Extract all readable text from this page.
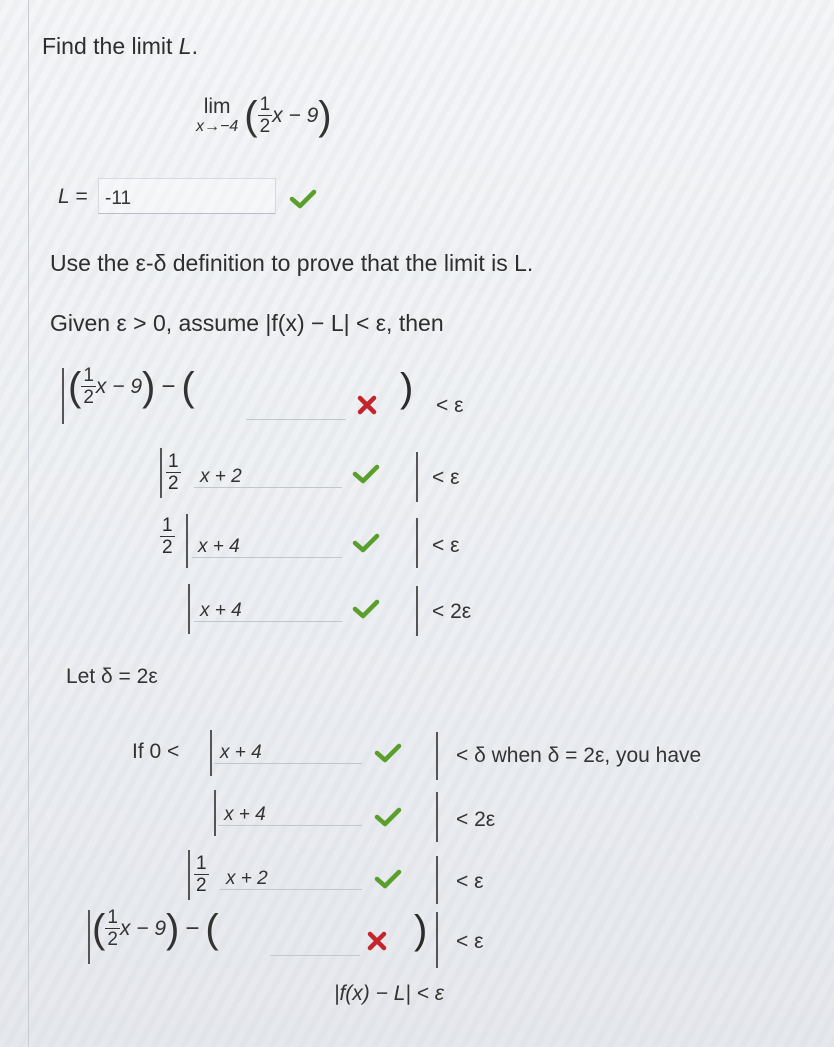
Find the limit L.
lim
x→−4 ( $\frac{1}{2}$ x − 9 )
L = -11
Use the ε-δ definition to prove that the limit is L.
Given ε > 0, assume |f(x) − L| < ε, then
( $\frac{1}{2}$ x − 9 ) − (	) < ε
$\frac{1}{2}$	x + 2	< ε
$\frac{1}{2}$	x + 4	< ε
x + 4	< 2ε
Let δ = 2ε
If 0 <	x + 4	< δ when δ = 2ε, you have
x + 4	< 2ε
$\frac{1}{2}$ x + 2	< ε
( $\frac{1}{2}$ x − 9 ) − (	) < ε
|f(x) − L| < ε
